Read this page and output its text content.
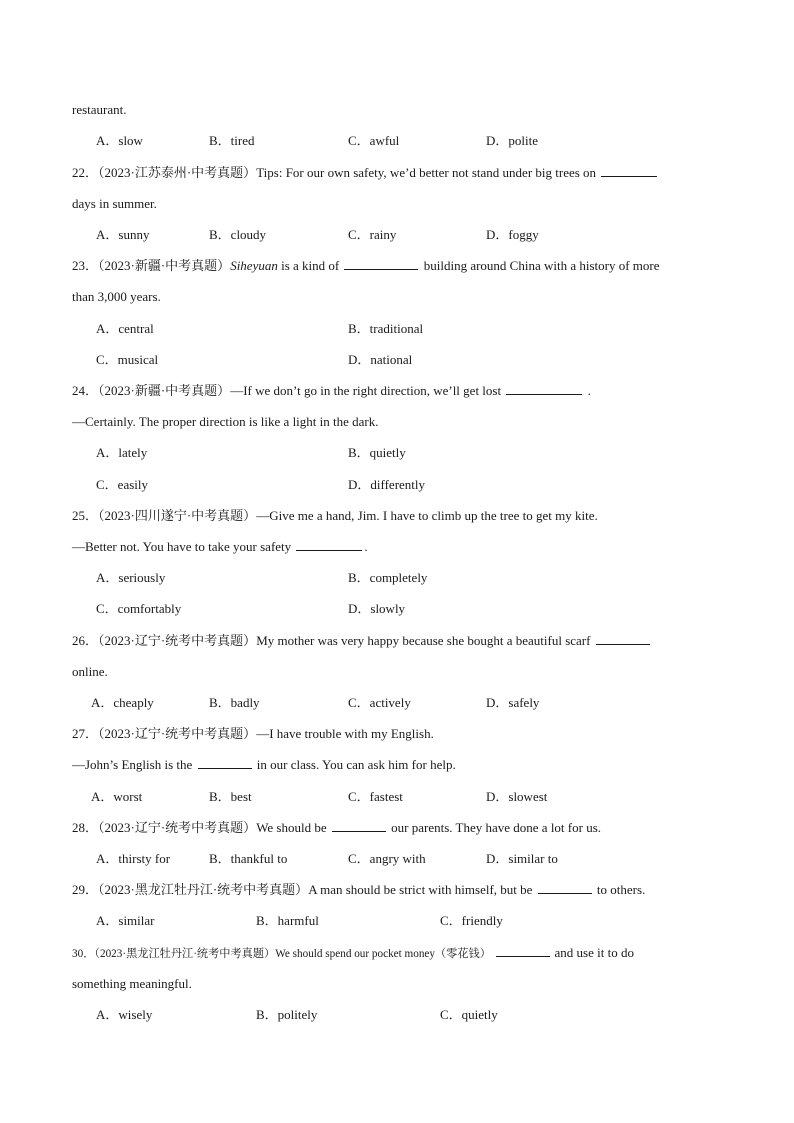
restaurant.
A．slow	B．tired	C．awful	D．polite
22．（2023·江苏泰州·中考真题）Tips: For our own safety, we’d better not stand under big trees on
days in summer.
A．sunny	B．cloudy	C．rainy	D．foggy
23．（2023·新疆·中考真题）Siheyuan is a kind of	building around China with a history of more
than 3,000 years.
A．central	B．traditional
C．musical	D．national
24．（2023·新疆·中考真题）—If we don’t go in the right direction, we’ll get lost	.
—Certainly. The proper direction is like a light in the dark.
A．lately	B．quietly
C．easily	D．differently
25．（2023·四川遂宁·中考真题）—Give me a hand, Jim. I have to climb up the tree to get my kite.
—Better not. You have to take your safety	.
A．seriously	B．completely
C．comfortably	D．slowly
26．（2023·辽宁·统考中考真题）My mother was very happy because she bought a beautiful scarf
online.
A．cheaply	B．badly	C．actively	D．safely
27．（2023·辽宁·统考中考真题）—I have trouble with my English.
—John’s English is the	in our class. You can ask him for help.
A．worst	B．best	C．fastest	D．slowest
28．（2023·辽宁·统考中考真题）We should be	our parents. They have done a lot for us.
A．thirsty for	B．thankful to	C．angry with	D．similar to
29．（2023·黑龙江牡丹江·统考中考真题）A man should be strict with himself, but be	to others.
A．similar	B．harmful	C．friendly
30．（2023·黑龙江牡丹江·统考中考真题）We should spend our pocket money（零花钱）	and use it to do
something meaningful.
A．wisely	B．politely	C．quietly
